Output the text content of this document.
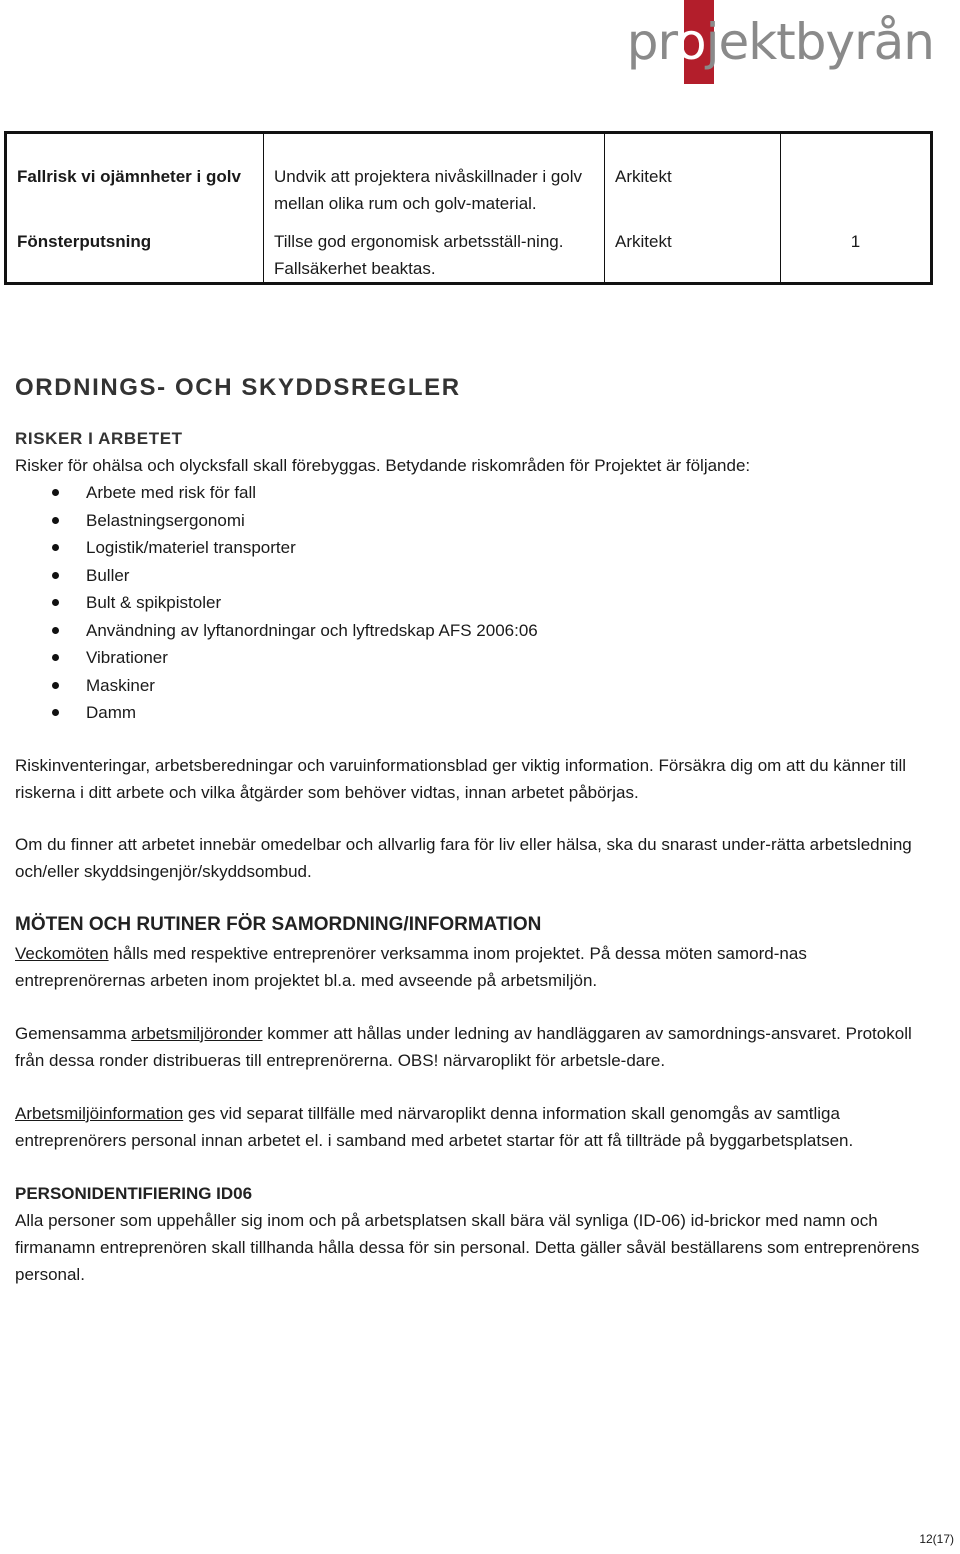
projektbyrån
Fallrisk vi ojämnheter i golv	Undvik att projektera nivåskillnader i golv mellan olika rum och golv-material.	Arkitekt	
Fönsterputsning	Tillse god ergonomisk arbetsställ-ning. Fallsäkerhet beaktas.	Arkitekt	1
ORDNINGS- OCH SKYDDSREGLER
RISKER I ARBETET

Risker för ohälsa och olycksfall skall förebyggas. Betydande riskområden för Projektet är följande:

Arbete med risk för fall
Belastningsergonomi
Logistik/materiel transporter
Buller
Bult & spikpistoler
Användning av lyftanordningar och lyftredskap AFS 2006:06
Vibrationer
Maskiner
Damm

Riskinventeringar, arbetsberedningar och varuinformationsblad ger viktig information. Försäkra dig om att du känner till riskerna i ditt arbete och vilka åtgärder som behöver vidtas, innan arbetet påbörjas.

Om du finner att arbetet innebär omedelbar och allvarlig fara för liv eller hälsa, ska du snarast under-rätta arbetsledning och/eller skyddsingenjör/skyddsombud.

MÖTEN OCH RUTINER FÖR SAMORDNING/INFORMATION

Veckomöten hålls med respektive entreprenörer verksamma inom projektet. På dessa möten samord-nas entreprenörernas arbeten inom projektet bl.a. med avseende på arbetsmiljön.

Gemensamma arbetsmiljöronder kommer att hållas under ledning av handläggaren av samordnings-ansvaret. Protokoll från dessa ronder distribueras till entreprenörerna. OBS! närvaroplikt för arbetsle-dare.

Arbetsmiljöinformation ges vid separat tillfälle med närvaroplikt denna information skall genomgås av samtliga entreprenörers personal innan arbetet el. i samband med arbetet startar för att få tillträde på byggarbetsplatsen.

PERSONIDENTIFIERING ID06

Alla personer som uppehåller sig inom och på arbetsplatsen skall bära väl synliga (ID-06) id-brickor med namn och firmanamn entreprenören skall tillhanda hålla dessa för sin personal. Detta gäller såväl beställarens som entreprenörens personal.

12(17)
